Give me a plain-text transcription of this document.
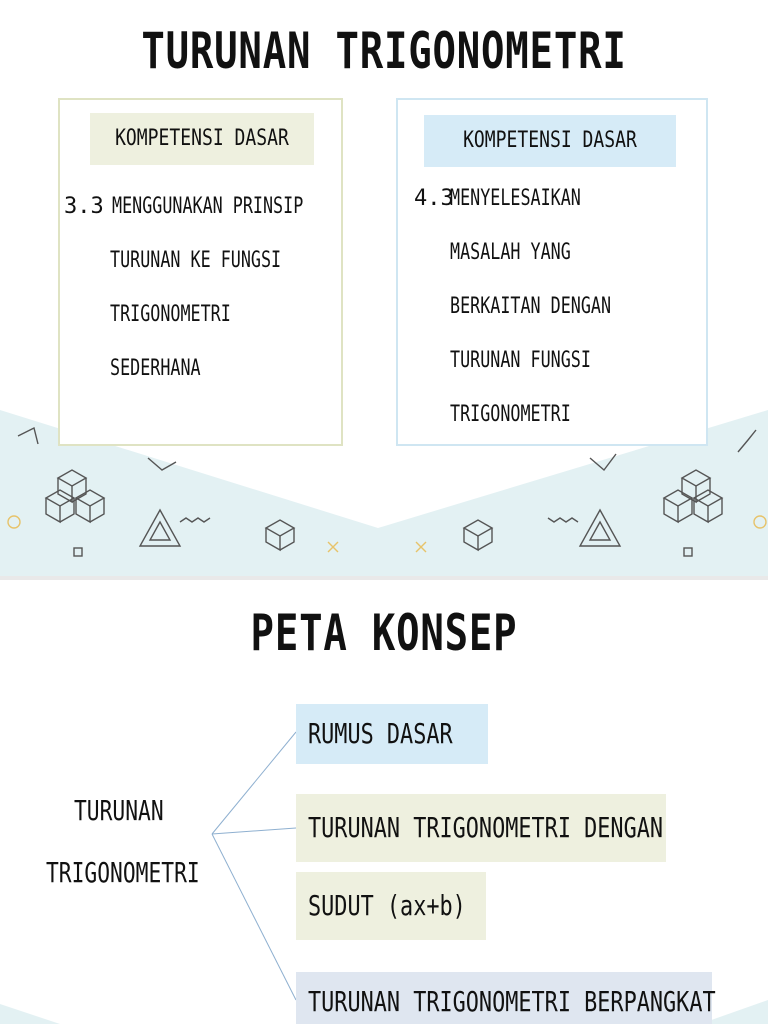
TURUNAN TRIGONOMETRI
KOMPETENSI DASAR
3.3 MENGGUNAKAN PRINSIP
TURUNAN KE FUNGSI
TRIGONOMETRI
SEDERHANA
KOMPETENSI DASAR
4.3
MENYELESAIKAN
MASALAH YANG
BERKAITAN DENGAN
TURUNAN FUNGSI
TRIGONOMETRI
PETA KONSEP
TURUNAN
TRIGONOMETRI
RUMUS DASAR
TURUNAN TRIGONOMETRI DENGAN
SUDUT (ax+b)
TURUNAN TRIGONOMETRI BERPANGKAT
